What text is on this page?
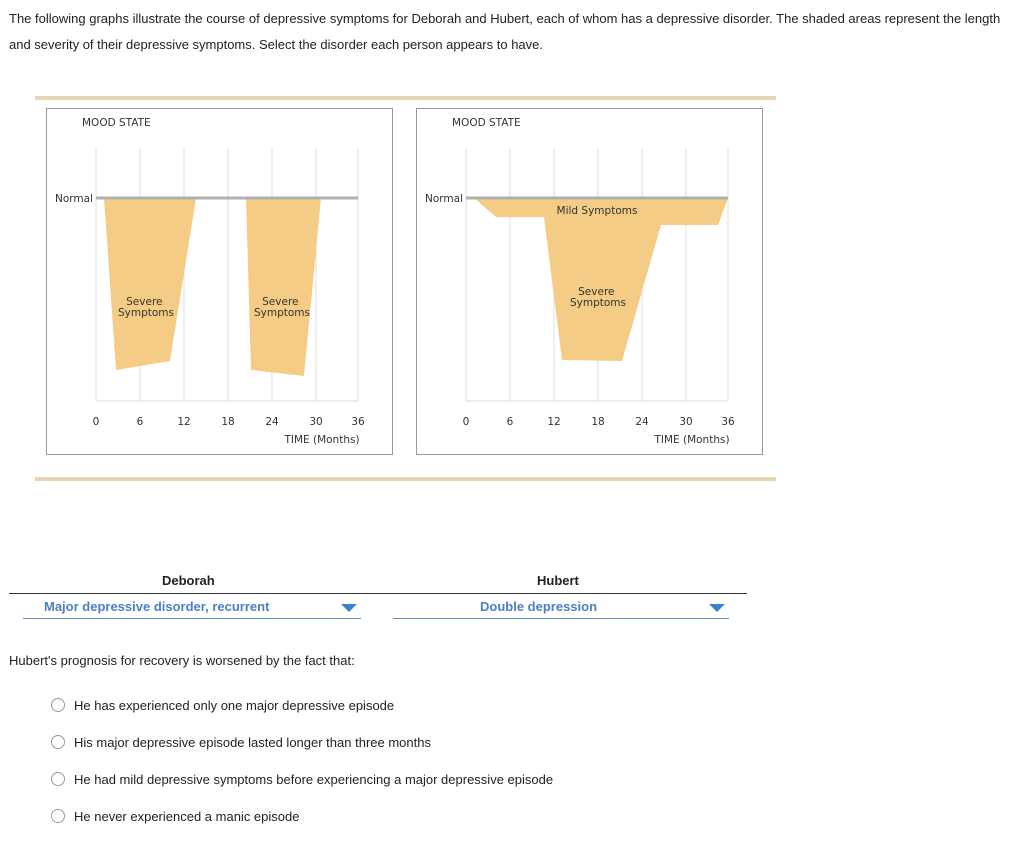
The following graphs illustrate the course of depressive symptoms for Deborah and Hubert, each of whom has a depressive disorder. The shaded areas represent the length and severity of their depressive symptoms. Select the disorder each person appears to have.
MOOD STATE
Normal
Severe Symptoms
Severe Symptoms
0	6	12	18	24	30	36
TIME (Months)
MOOD STATE
Normal
Mild Symptoms
Severe Symptoms
0	6	12	18	24	30	36
TIME (Months)
Deborah	Hubert
Major depressive disorder, recurrent	Double depression
Hubert's prognosis for recovery is worsened by the fact that:
He has experienced only one major depressive episode
His major depressive episode lasted longer than three months
He had mild depressive symptoms before experiencing a major depressive episode
He never experienced a manic episode
